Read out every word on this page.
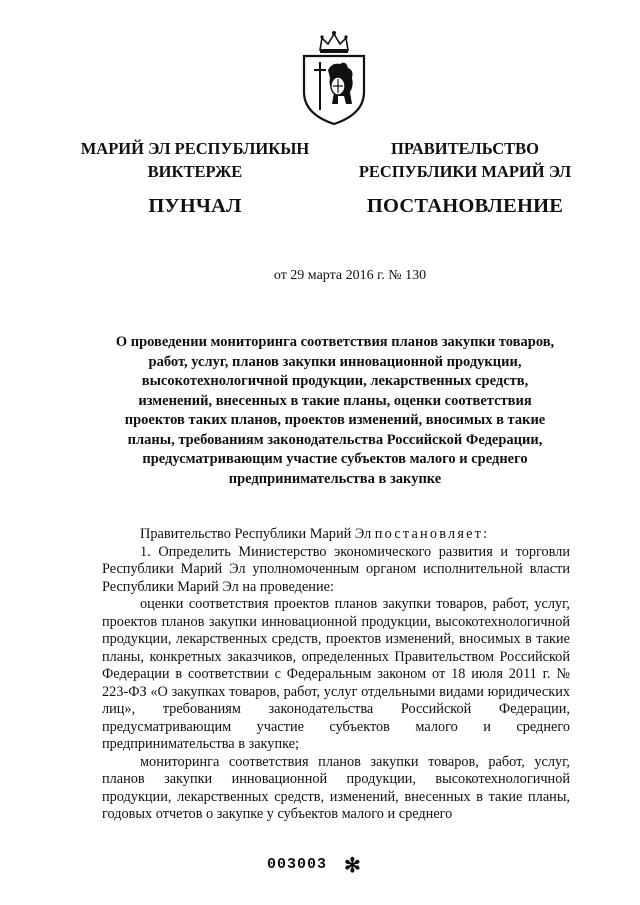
МАРИЙ ЭЛ РЕСПУБЛИКЫН
ВИКТЕРЖЕ
ПУНЧАЛ
ПРАВИТЕЛЬСТВО
РЕСПУБЛИКИ МАРИЙ ЭЛ
ПОСТАНОВЛЕНИЕ
от 29 марта 2016 г. № 130
О проведении мониторинга соответствия планов закупки товаров,
работ, услуг, планов закупки инновационной продукции,
высокотехнологичной продукции, лекарственных средств,
изменений, внесенных в такие планы, оценки соответствия
проектов таких планов, проектов изменений, вносимых в такие
планы, требованиям законодательства Российской Федерации,
предусматривающим участие субъектов малого и среднего
предпринимательства в закупке

Правительство Республики Марий Эл постановляет:

1. Определить Министерство экономического развития и торговли Республики Марий Эл уполномоченным органом исполнительной власти Республики Марий Эл на проведение:

оценки соответствия проектов планов закупки товаров, работ, услуг, проектов планов закупки инновационной продукции, высокотехнологичной продукции, лекарственных средств, проектов изменений, вносимых в такие планы, конкретных заказчиков, определенных Правительством Российской Федерации в соответствии с Федеральным законом от 18 июля 2011 г. № 223-ФЗ «О закупках товаров, работ, услуг отдельными видами юридических лиц», требованиям законодательства Российской Федерации, предусматривающим участие субъектов малого и среднего предпринимательства в закупке;

мониторинга соответствия планов закупки товаров, работ, услуг, планов закупки инновационной продукции, высокотехнологичной продукции, лекарственных средств, изменений, внесенных в такие планы, годовых отчетов о закупке у субъектов малого и среднего

003003 ✻
